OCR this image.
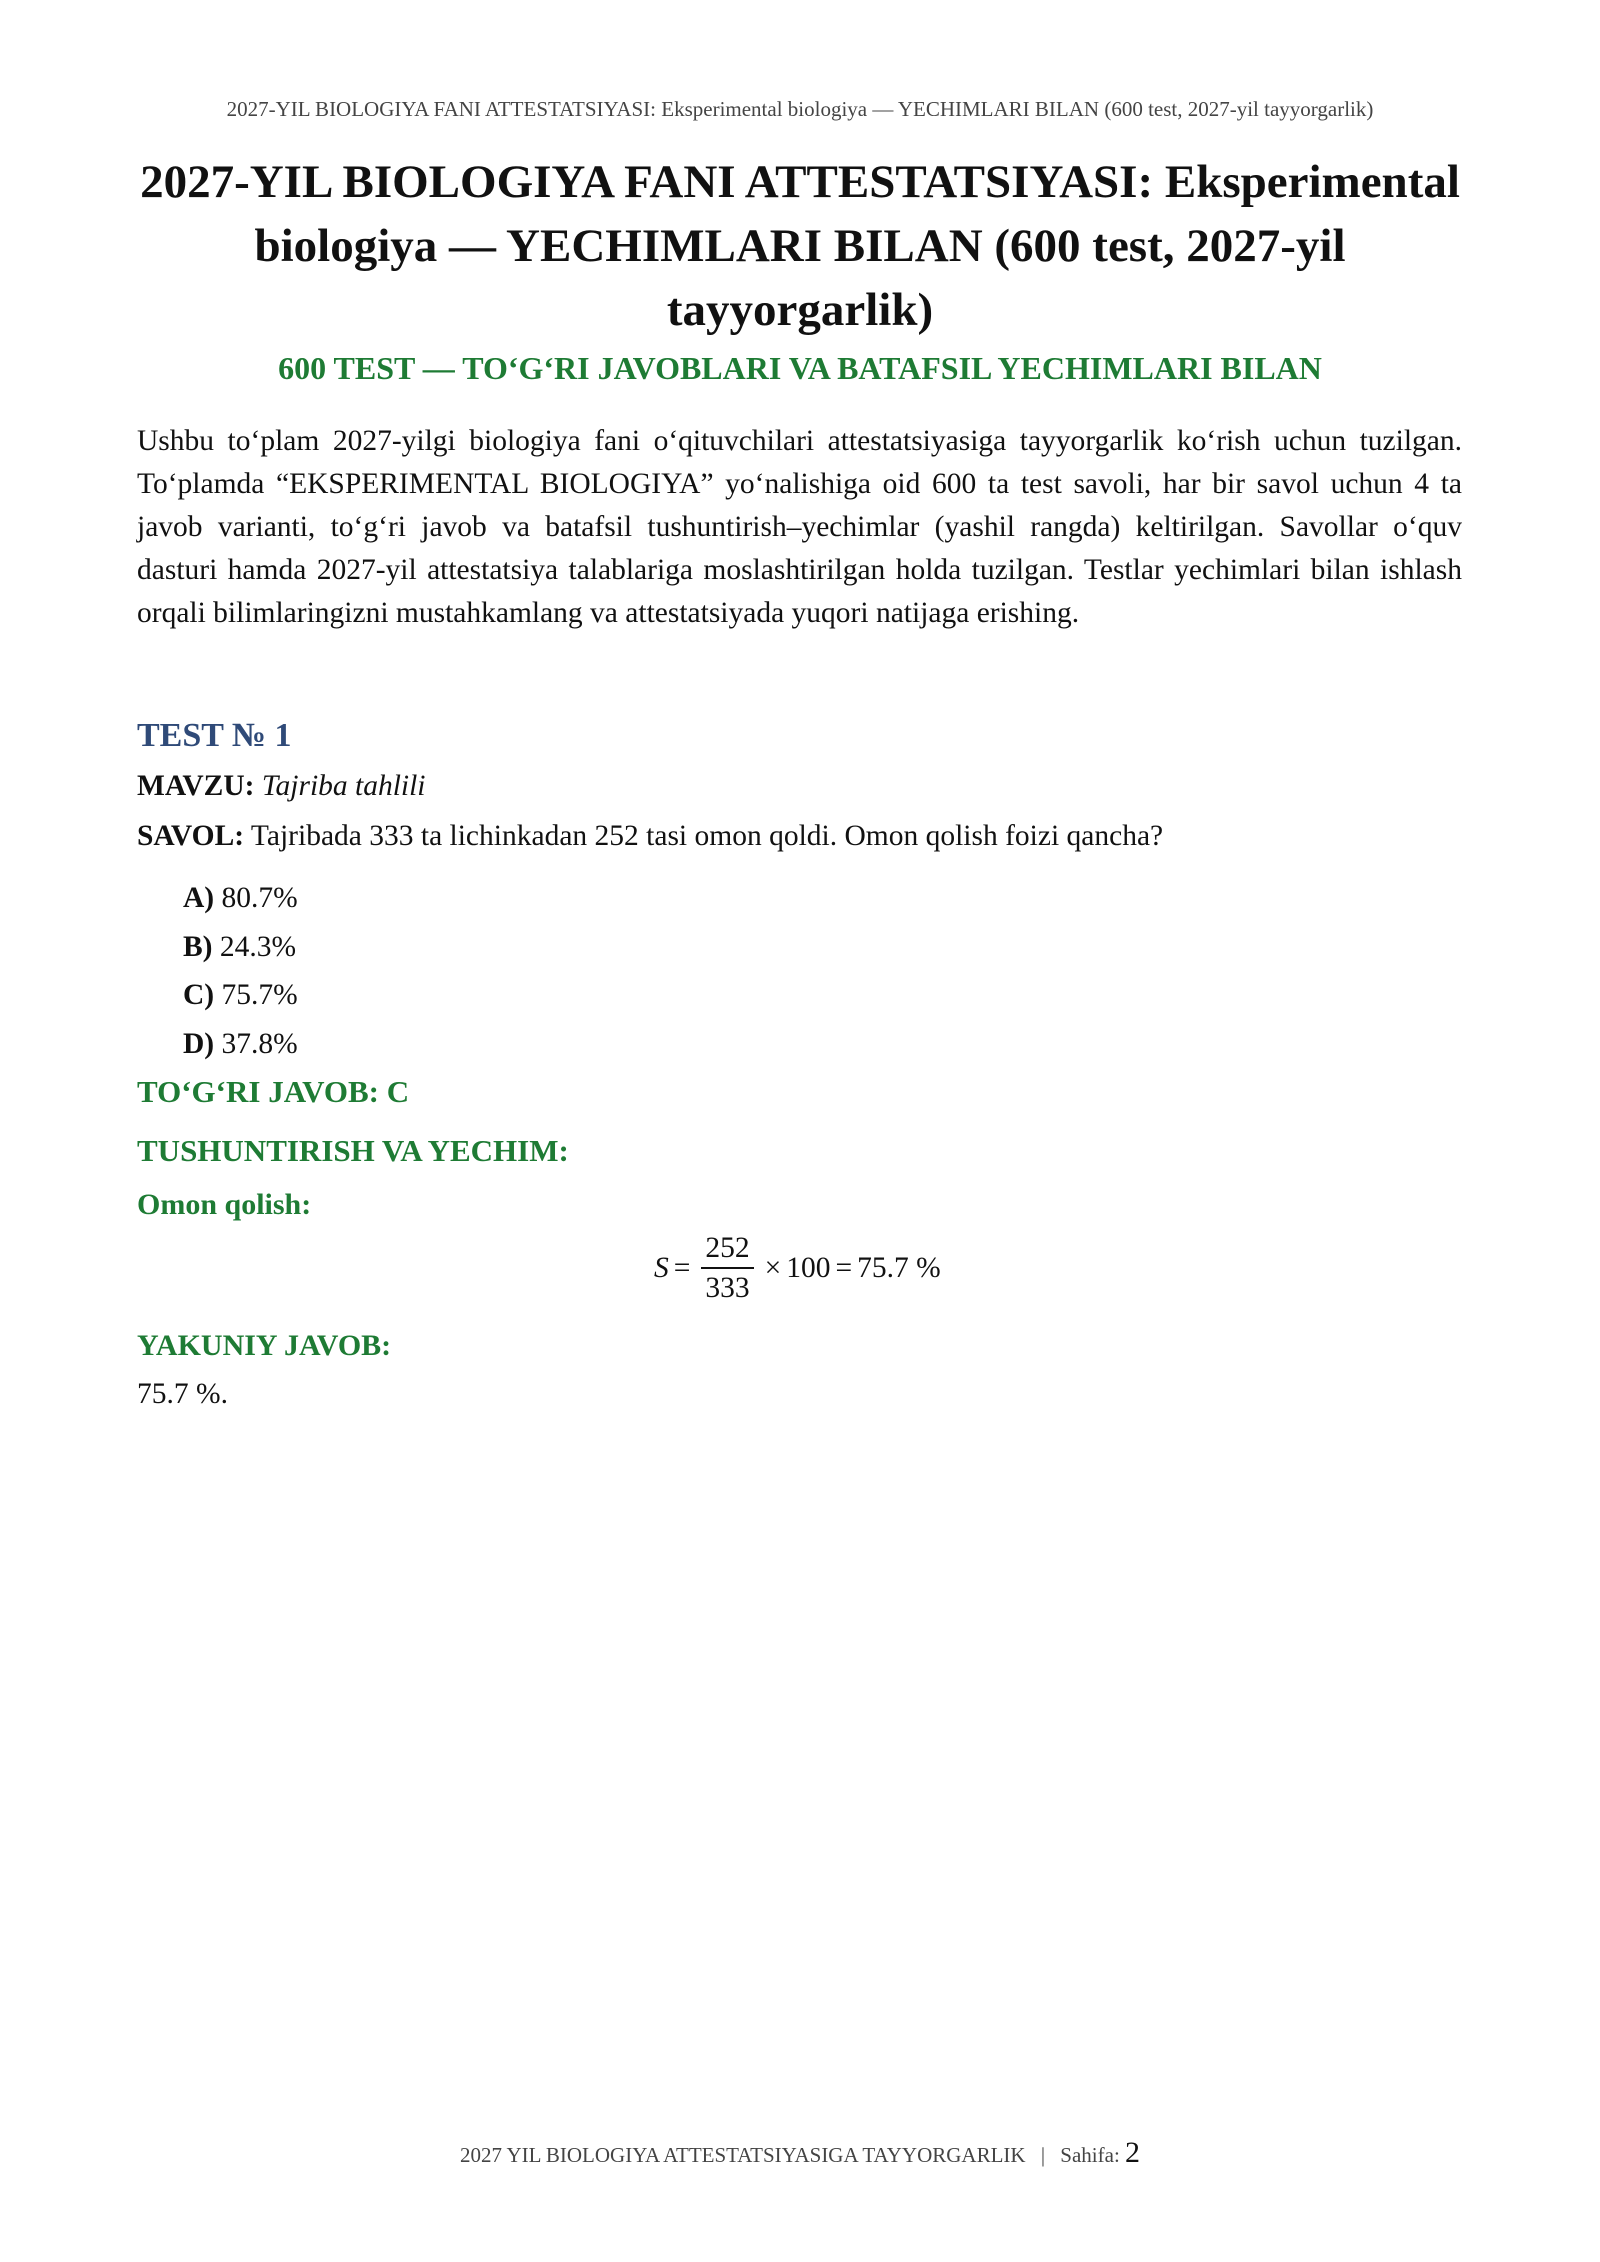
2027-YIL BIOLOGIYA FANI ATTESTATSIYASI: Eksperimental biologiya — YECHIMLARI BILAN (600 test, 2027-yil tayyorgarlik)
2027-YIL BIOLOGIYA FANI ATTESTATSIYASI: Eksperimental biologiya — YECHIMLARI BILAN (600 test, 2027-yil tayyorgarlik)
600 TEST — TO‘G‘RI JAVOBLARI VA BATAFSIL YECHIMLARI BILAN

Ushbu to‘plam 2027-yilgi biologiya fani o‘qituvchilari attestatsiyasiga tayyorgarlik ko‘rish uchun tuzilgan. To‘plamda “EKSPERIMENTAL BIOLOGIYA” yo‘nalishiga oid 600 ta test savoli, har bir savol uchun 4 ta javob varianti, to‘g‘ri javob va batafsil tushuntirish–yechimlar (yashil rangda) keltirilgan. Savollar o‘quv dasturi hamda 2027-yil attestatsiya talablariga moslashtirilgan holda tuzilgan. Testlar yechimlari bilan ishlash orqali bilimlaringizni mustahkamlang va attestatsiyada yuqori natijaga erishing.

TEST № 1

MAVZU: Tajriba tahlili

SAVOL: Tajribada 333 ta lichinkadan 252 tasi omon qoldi. Omon qolish foizi qancha?

A) 80.7%
B) 24.3%
C) 75.7%
D) 37.8%

TO‘G‘RI JAVOB: C

TUSHUNTIRISH VA YECHIM:

Omon qolish:

$S = \frac{252}{333} \times 100 = 75.7$ %

YAKUNIY JAVOB:

75.7 %.

2027 YIL BIOLOGIYA ATTESTATSIYASIGA TAYYORGARLIK | Sahifa: 2
